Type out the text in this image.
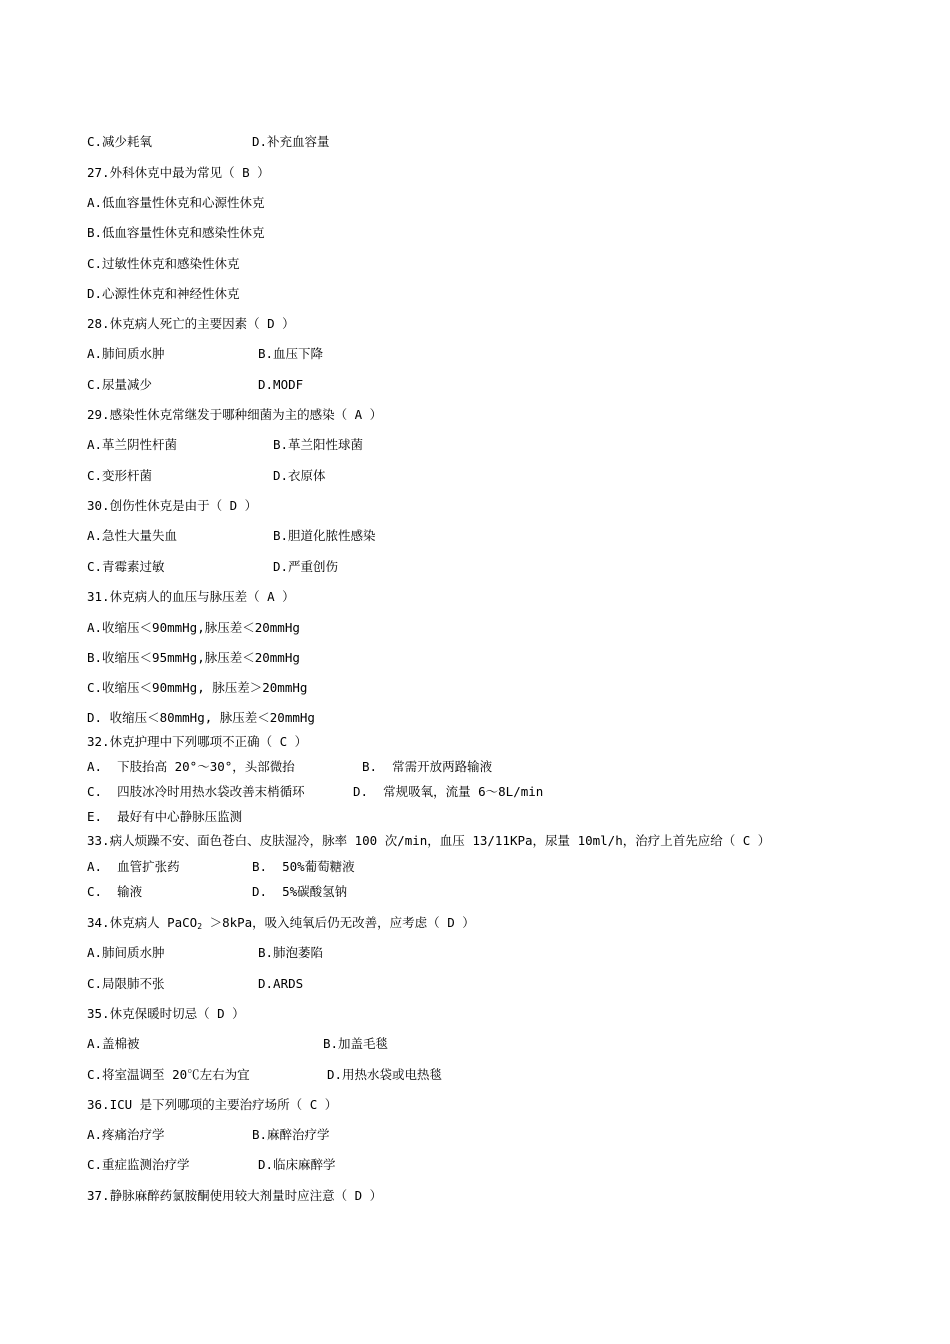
C.减少耗氧	D.补充血容量
27.外科休克中最为常见（ B ）
A.低血容量性休克和心源性休克
B.低血容量性休克和感染性休克
C.过敏性休克和感染性休克
D.心源性休克和神经性休克
28.休克病人死亡的主要因素（ D ）
A.肺间质水肿	B.血压下降
C.尿量减少	D.MODF
29.感染性休克常继发于哪种细菌为主的感染（ A ）
A.革兰阴性杆菌	B.革兰阳性球菌
C.变形杆菌	D.衣原体
30.创伤性休克是由于（ D ）
A.急性大量失血	B.胆道化脓性感染
C.青霉素过敏	D.严重创伤
31.休克病人的血压与脉压差（ A ）
A.收缩压＜90mmHg,脉压差＜20mmHg
B.收缩压＜95mmHg,脉压差＜20mmHg
C.收缩压＜90mmHg, 脉压差＞20mmHg
D. 收缩压＜80mmHg, 脉压差＜20mmHg
32.休克护理中下列哪项不正确（ C ）
A.  下肢抬高 20°～30°，头部微抬	B.  常需开放两路输液
C.  四肢冰冷时用热水袋改善末梢循环	D.  常规吸氧，流量 6～8L/min
E.  最好有中心静脉压监测
33.病人烦躁不安、面色苍白、皮肤湿冷，脉率 100 次/min，血压 13/11KPa，尿量 10ml/h，治疗上首先应给（ C ）
A.  血管扩张药	B.  50%葡萄糖液
C.  输液	D.  5%碳酸氢钠
34.休克病人 PaCO$_2$ ＞8kPa，吸入纯氧后仍无改善，应考虑（ D ）
A.肺间质水肿	B.肺泡萎陷
C.局限肺不张	D.ARDS
35.休克保暖时切忌（ D ）
A.盖棉被	B.加盖毛毯
C.将室温调至 20℃左右为宜	D.用热水袋或电热毯
36.ICU 是下列哪项的主要治疗场所（ C ）
A.疼痛治疗学	B.麻醉治疗学
C.重症监测治疗学	D.临床麻醉学
37.静脉麻醉药氯胺酮使用较大剂量时应注意（ D ）
